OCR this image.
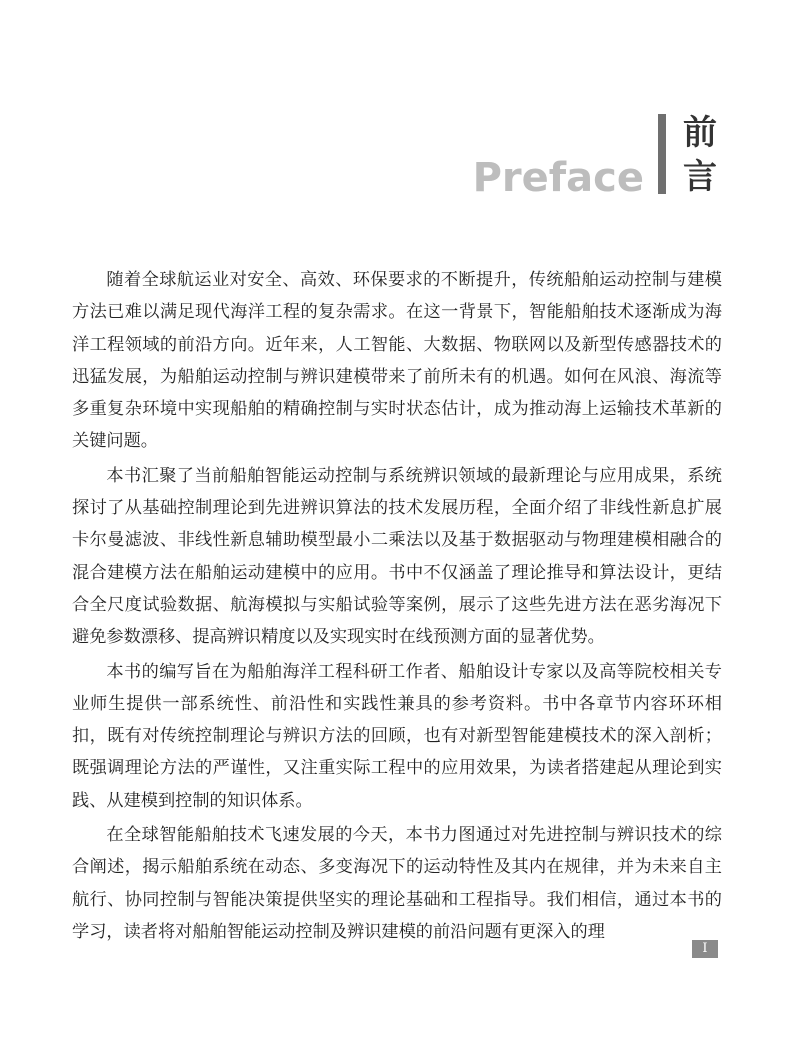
Preface
前
言

随着全球航运业对安全、高效、环保要求的不断提升，传统船舶运动控制与建模方法已难以满足现代海洋工程的复杂需求。在这一背景下，智能船舶技术逐渐成为海洋工程领域的前沿方向。近年来，人工智能、大数据、物联网以及新型传感器技术的迅猛发展，为船舶运动控制与辨识建模带来了前所未有的机遇。如何在风浪、海流等多重复杂环境中实现船舶的精确控制与实时状态估计，成为推动海上运输技术革新的关键问题。

本书汇聚了当前船舶智能运动控制与系统辨识领域的最新理论与应用成果，系统探讨了从基础控制理论到先进辨识算法的技术发展历程，全面介绍了非线性新息扩展卡尔曼滤波、非线性新息辅助模型最小二乘法以及基于数据驱动与物理建模相融合的混合建模方法在船舶运动建模中的应用。书中不仅涵盖了理论推导和算法设计，更结合全尺度试验数据、航海模拟与实船试验等案例，展示了这些先进方法在恶劣海况下避免参数漂移、提高辨识精度以及实现实时在线预测方面的显著优势。

本书的编写旨在为船舶海洋工程科研工作者、船舶设计专家以及高等院校相关专业师生提供一部系统性、前沿性和实践性兼具的参考资料。书中各章节内容环环相扣，既有对传统控制理论与辨识方法的回顾，也有对新型智能建模技术的深入剖析；既强调理论方法的严谨性，又注重实际工程中的应用效果，为读者搭建起从理论到实践、从建模到控制的知识体系。

在全球智能船舶技术飞速发展的今天，本书力图通过对先进控制与辨识技术的综合阐述，揭示船舶系统在动态、多变海况下的运动特性及其内在规律，并为未来自主航行、协同控制与智能决策提供坚实的理论基础和工程指导。我们相信，通过本书的学习，读者将对船舶智能运动控制及辨识建模的前沿问题有更深入的理

I
